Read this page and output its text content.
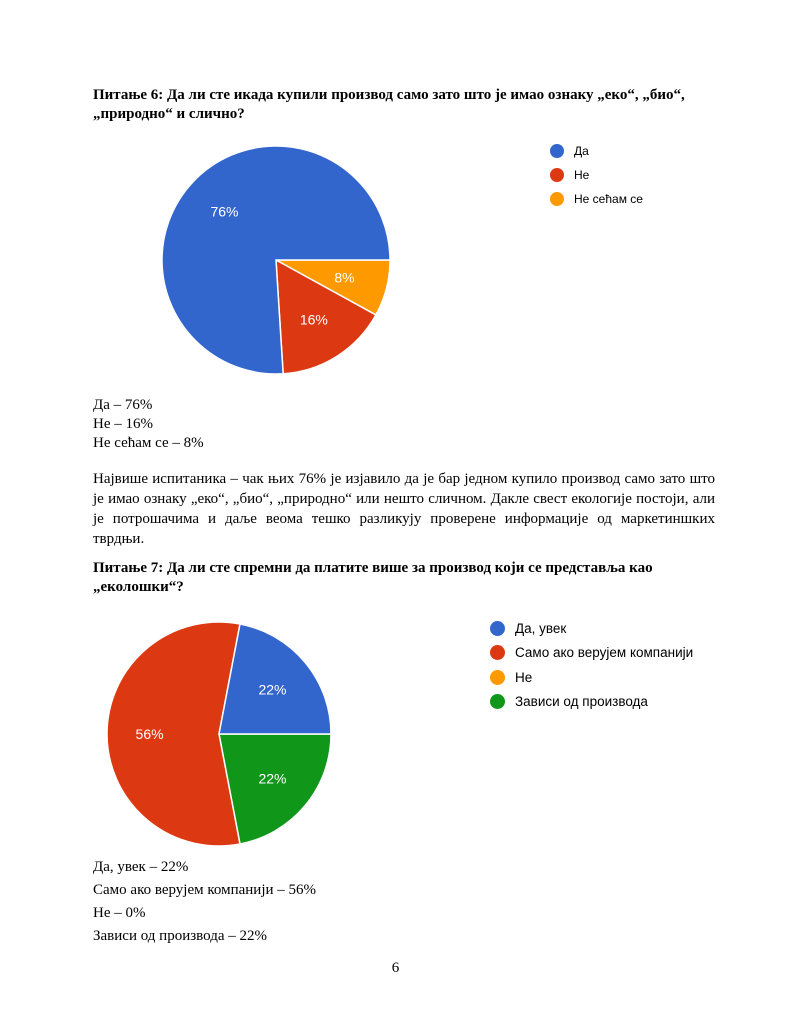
Питање 6: Да ли сте икада купили производ само зато што је имао ознаку „еко“, „био“, „природно“ и слично?

8%
16%
76%
Да
Не
Не сећам се
Да – 76%
Не – 16%
Не сећам се – 8%

Највише испитаника – чак њих 76% је изјавило да је бар једном купило производ само зато што је имао ознаку „еко“, „био“, „природно“ или нешто сличном. Дакле свест екологије постоји, али је потрошачима и даље веома тешко разликују проверене информације од маркетиншких тврдњи.

Питање 7: Да ли сте спремни да платите више за производ који се представља као „еколошки“?

22%
56%
22%
Да, увек
Само ако верујем компанији
Не
Зависи од производа
Да, увек – 22%
Само ако верујем компанији – 56%
Не – 0%
Зависи од производа – 22%
6
